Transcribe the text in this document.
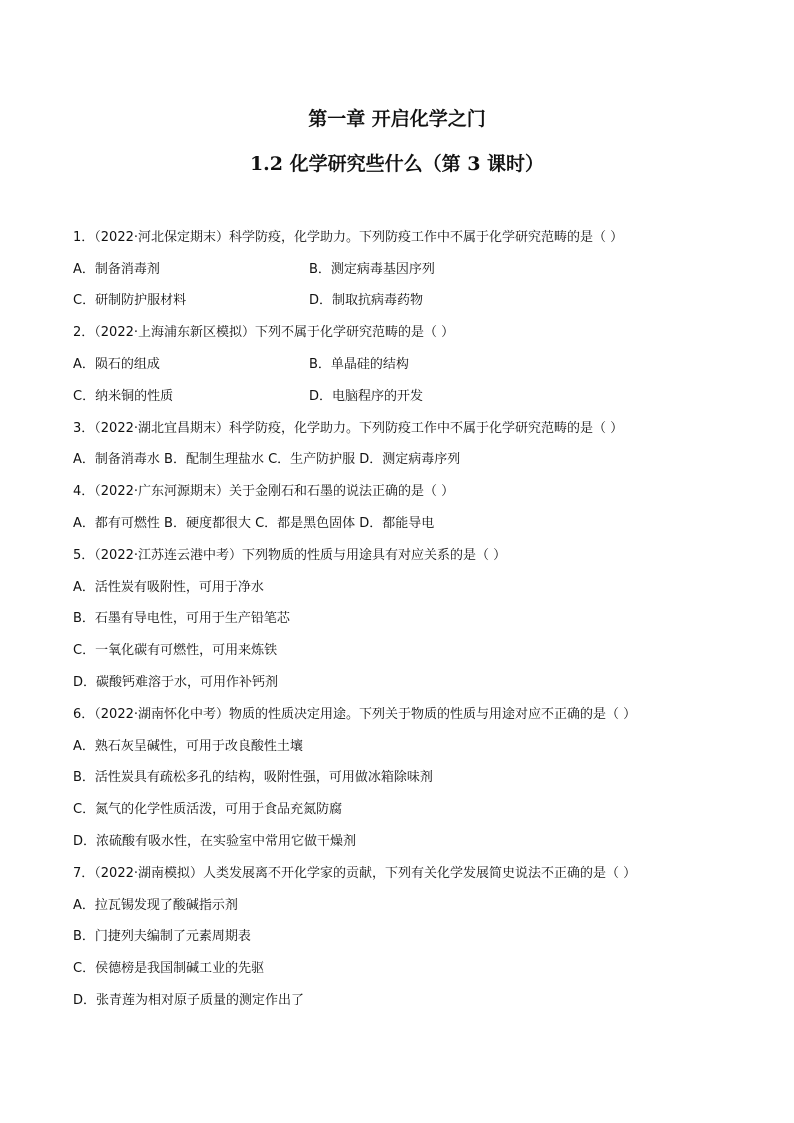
第一章 开启化学之门
1.2 化学研究些什么（第 3 课时）
1．（2022·河北保定期末）科学防疫，化学助力。下列防疫工作中不属于化学研究范畴的是（ ）
A．制备消毒剂	B．测定病毒基因序列
C．研制防护服材料	D．制取抗病毒药物
2．（2022·上海浦东新区模拟）下列不属于化学研究范畴的是（ ）
A．陨石的组成	B．单晶硅的结构
C．纳米铜的性质	D．电脑程序的开发
3．（2022·湖北宜昌期末）科学防疫，化学助力。下列防疫工作中不属于化学研究范畴的是（ ）
A．制备消毒水 B．配制生理盐水 C．生产防护服 D．测定病毒序列
4．（2022·广东河源期末）关于金刚石和石墨的说法正确的是（ ）
A．都有可燃性 B．硬度都很大 C．都是黑色固体 D．都能导电
5．（2022·江苏连云港中考）下列物质的性质与用途具有对应关系的是（ ）
A．活性炭有吸附性，可用于净水
B．石墨有导电性，可用于生产铅笔芯
C．一氧化碳有可燃性，可用来炼铁
D．碳酸钙难溶于水，可用作补钙剂
6．（2022·湖南怀化中考）物质的性质决定用途。下列关于物质的性质与用途对应不正确的是（ ）
A．熟石灰呈碱性，可用于改良酸性土壤
B．活性炭具有疏松多孔的结构，吸附性强，可用做冰箱除味剂
C．氮气的化学性质活泼，可用于食品充氮防腐
D．浓硫酸有吸水性，在实验室中常用它做干燥剂
7．（2022·湖南模拟）人类发展离不开化学家的贡献，下列有关化学发展简史说法不正确的是（ ）
A．拉瓦锡发现了酸碱指示剂
B．门捷列夫编制了元素周期表
C．侯德榜是我国制碱工业的先驱
D．张青莲为相对原子质量的测定作出了
